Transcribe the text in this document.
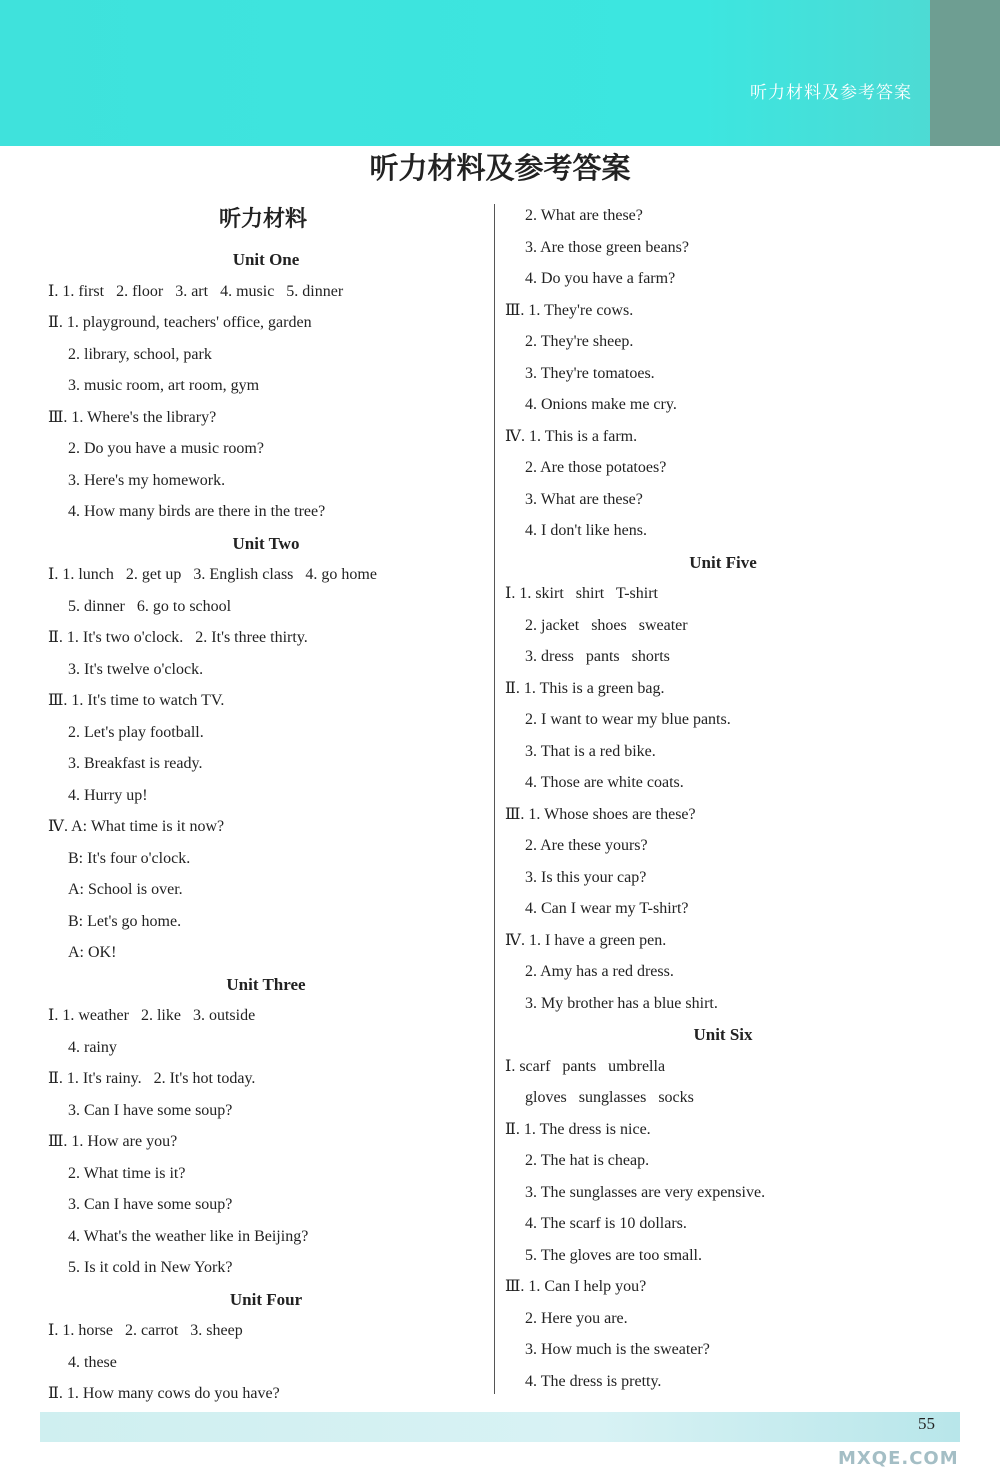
听力材料及参考答案
听力材料及参考答案
听力材料
Unit One
Ⅰ. 1. first   2. floor   3. art   4. music   5. dinner
Ⅱ. 1. playground, teachers' office, garden
2. library, school, park
3. music room, art room, gym
Ⅲ. 1. Where's the library?
2. Do you have a music room?
3. Here's my homework.
4. How many birds are there in the tree?
Unit Two
Ⅰ. 1. lunch   2. get up   3. English class   4. go home
5. dinner   6. go to school
Ⅱ. 1. It's two o'clock.   2. It's three thirty.
3. It's twelve o'clock.
Ⅲ. 1. It's time to watch TV.
2. Let's play football.
3. Breakfast is ready.
4. Hurry up!
Ⅳ. A: What time is it now?
B: It's four o'clock.
A: School is over.
B: Let's go home.
A: OK!
Unit Three
Ⅰ. 1. weather   2. like   3. outside
4. rainy
Ⅱ. 1. It's rainy.   2. It's hot today.
3. Can I have some soup?
Ⅲ. 1. How are you?
2. What time is it?
3. Can I have some soup?
4. What's the weather like in Beijing?
5. Is it cold in New York?
Unit Four
Ⅰ. 1. horse   2. carrot   3. sheep
4. these
Ⅱ. 1. How many cows do you have?
2. What are these?
3. Are those green beans?
4. Do you have a farm?
Ⅲ. 1. They're cows.
2. They're sheep.
3. They're tomatoes.
4. Onions make me cry.
Ⅳ. 1. This is a farm.
2. Are those potatoes?
3. What are these?
4. I don't like hens.
Unit Five
Ⅰ. 1. skirt   shirt   T-shirt
2. jacket   shoes   sweater
3. dress   pants   shorts
Ⅱ. 1. This is a green bag.
2. I want to wear my blue pants.
3. That is a red bike.
4. Those are white coats.
Ⅲ. 1. Whose shoes are these?
2. Are these yours?
3. Is this your cap?
4. Can I wear my T-shirt?
Ⅳ. 1. I have a green pen.
2. Amy has a red dress.
3. My brother has a blue shirt.
Unit Six
Ⅰ. scarf   pants   umbrella
gloves   sunglasses   socks
Ⅱ. 1. The dress is nice.
2. The hat is cheap.
3. The sunglasses are very expensive.
4. The scarf is 10 dollars.
5. The gloves are too small.
Ⅲ. 1. Can I help you?
2. Here you are.
3. How much is the sweater?
4. The dress is pretty.
55
MXQE.COM
